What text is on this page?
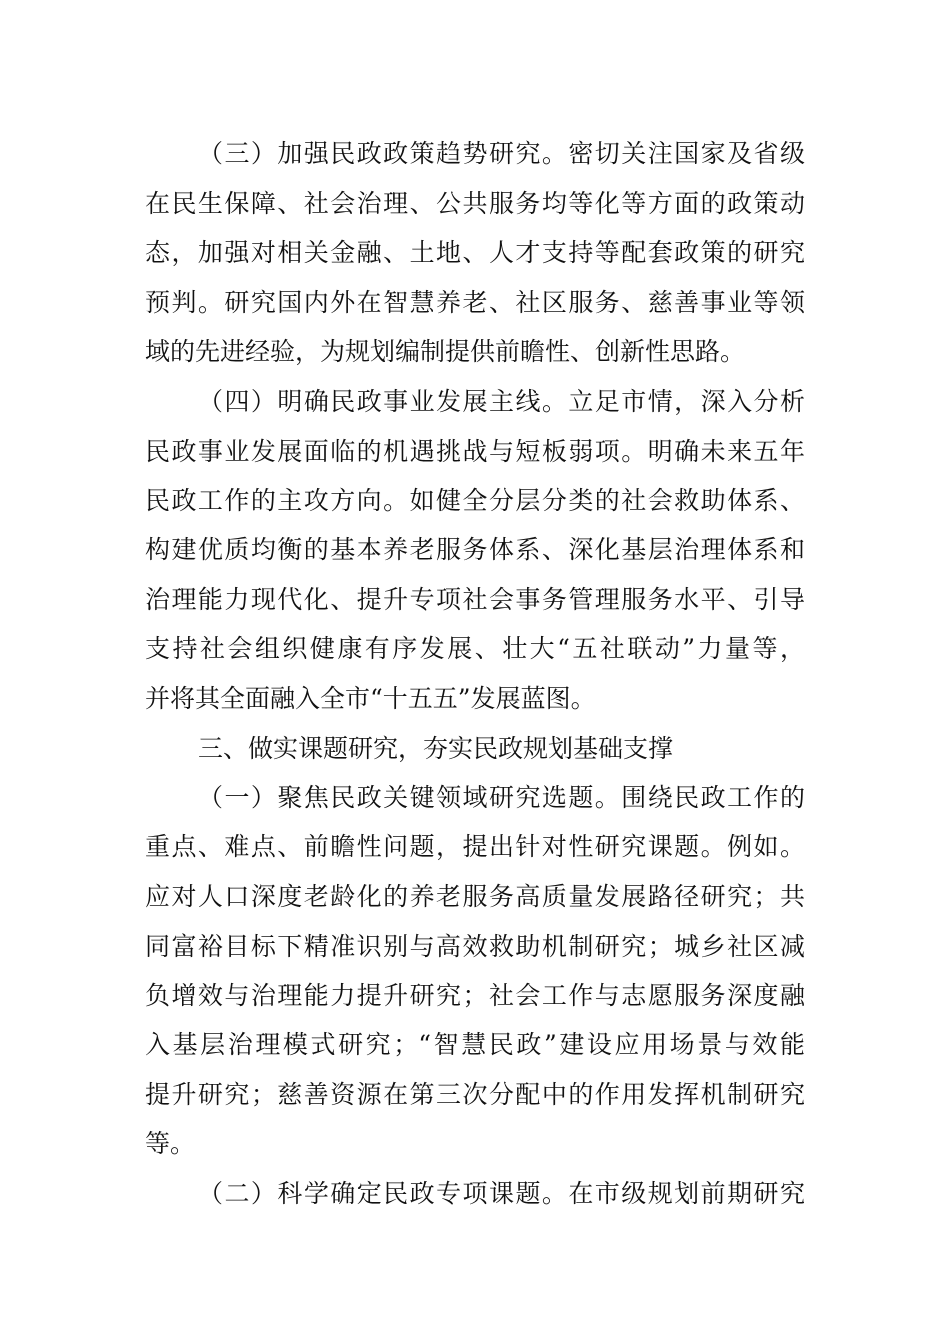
（三）加强民政政策趋势研究。密切关注国家及省级
在民生保障、社会治理、公共服务均等化等方面的政策动
态，加强对相关金融、土地、人才支持等配套政策的研究
预判。研究国内外在智慧养老、社区服务、慈善事业等领
域的先进经验，为规划编制提供前瞻性、创新性思路。
（四）明确民政事业发展主线。立足市情，深入分析
民政事业发展面临的机遇挑战与短板弱项。明确未来五年
民政工作的主攻方向。如健全分层分类的社会救助体系、
构建优质均衡的基本养老服务体系、深化基层治理体系和
治理能力现代化、提升专项社会事务管理服务水平、引导
支持社会组织健康有序发展、壮大“五社联动”力量等，
并将其全面融入全市“十五五”发展蓝图。
三、做实课题研究，夯实民政规划基础支撑
（一）聚焦民政关键领域研究选题。围绕民政工作的
重点、难点、前瞻性问题，提出针对性研究课题。例如。
应对人口深度老龄化的养老服务高质量发展路径研究；共
同富裕目标下精准识别与高效救助机制研究；城乡社区减
负增效与治理能力提升研究；社会工作与志愿服务深度融
入基层治理模式研究；“智慧民政”建设应用场景与效能
提升研究；慈善资源在第三次分配中的作用发挥机制研究
等。
（二）科学确定民政专项课题。在市级规划前期研究
